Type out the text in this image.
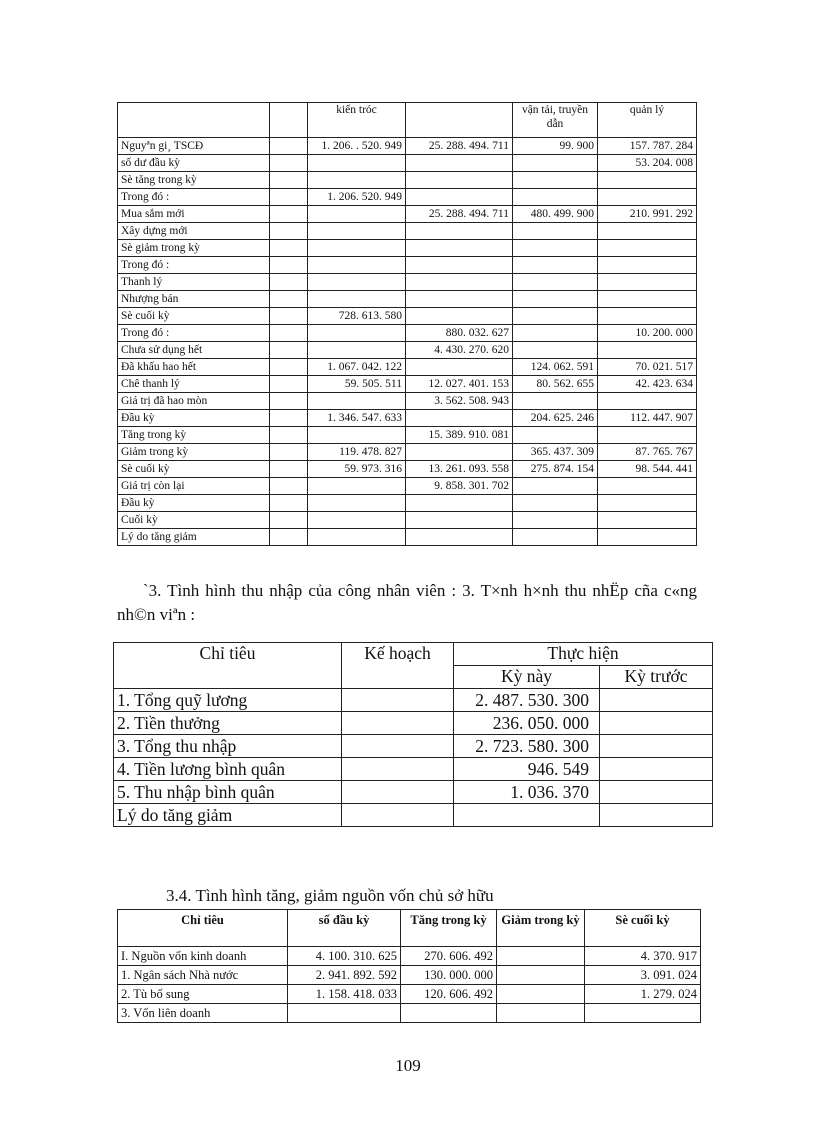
		kiến tróc		vận tải, truyền dẫn	quản lý
Nguyªn gi¸ TSCĐ		1. 206. . 520. 949	25. 288. 494. 711	99. 900	157. 787. 284
số dư đầu kỳ					53. 204. 008
Sè tăng trong kỳ					
Trong đó :		1. 206. 520. 949			
Mua sắm mới			25. 288. 494. 711	480. 499. 900	210. 991. 292
Xây dựng mới					
Sè giảm trong kỳ					
Trong đó :					
Thanh lý					
Nhượng bán					
Sè cuối kỳ		728. 613. 580			
Trong đó :			880. 032. 627		10. 200. 000
Chưa sử dụng hết			4. 430. 270. 620		
Đã khấu hao hết		1. 067. 042. 122		124. 062. 591	70. 021. 517
Chê thanh lý		59. 505. 511	12. 027. 401. 153	80. 562. 655	42. 423. 634
Giá trị đã hao mòn			3. 562. 508. 943		
Đầu kỳ		1. 346. 547. 633		204. 625. 246	112. 447. 907
Tăng trong kỳ			15. 389. 910. 081		
Giảm trong kỳ		119. 478. 827		365. 437. 309	87. 765. 767
Sè cuối kỳ		59. 973. 316	13. 261. 093. 558	275. 874. 154	98. 544. 441
Giá trị còn lại			9. 858. 301. 702		
Đầu kỳ					
Cuối kỳ					
Lý do tăng giảm					
`3. Tình hình thu nhập của công nhân viên : 3. T×nh h×nh thu nhËp cña c«ng nh©n viªn :
Chỉ tiêu	Kế hoạch	Thực hiện	
		Kỳ này	Kỳ trước
1. Tổng quỹ lương		2. 487. 530. 300	
2. Tiền thưởng		236. 050. 000	
3. Tổng thu nhập		2. 723. 580. 300	
4. Tiền lương bình quân		946. 549	
5. Thu nhập bình quân		1. 036. 370	
Lý do tăng giảm			
3.4. Tình hình tăng, giảm nguồn vốn chủ sở hữu
Chỉ tiêu	số đầu kỳ	Tăng trong kỳ	Giảm trong kỳ	Sè cuối kỳ
I. Nguồn vốn kinh doanh	4. 100. 310. 625	270. 606. 492		4. 370. 917
1. Ngân sách Nhà nước	2. 941. 892. 592	130. 000. 000		3. 091. 024
2. Tù bổ sung	1. 158. 418. 033	120. 606. 492		1. 279. 024
3. Vốn liên doanh				
109
